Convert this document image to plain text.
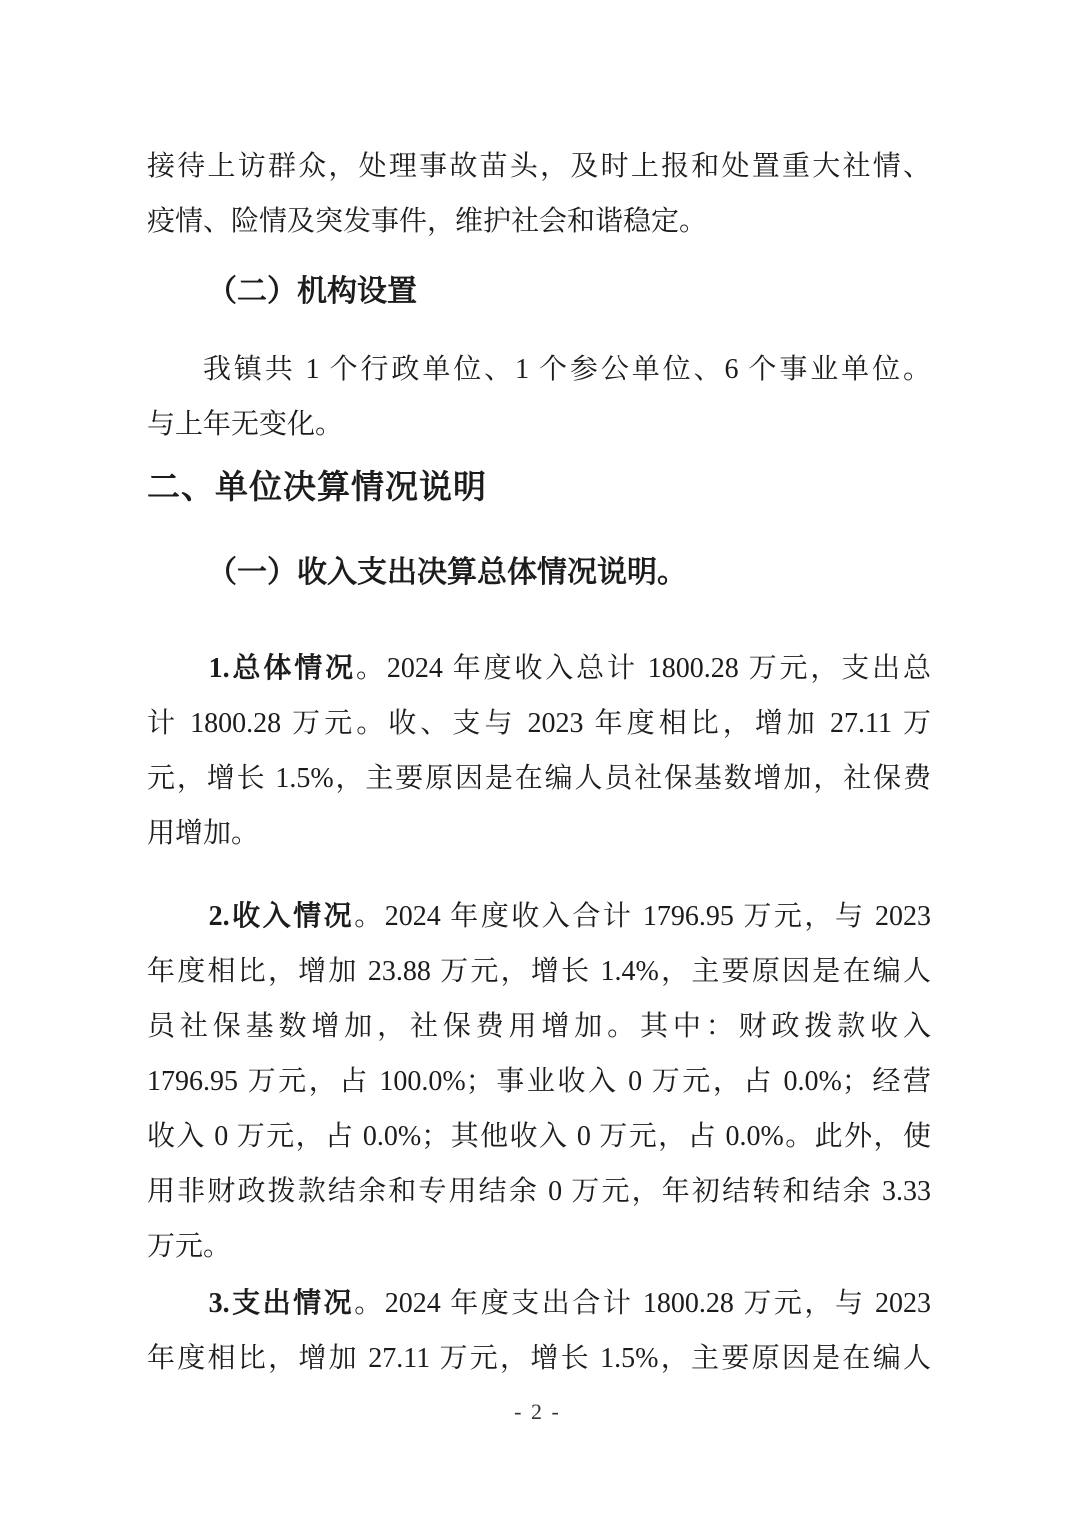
接待上访群众，处理事故苗头，及时上报和处置重大社情、
疫情、险情及突发事件，维护社会和谐稳定。
（二）机构设置
我镇共 1 个行政单位、1 个参公单位、6 个事业单位。
与上年无变化。
二、单位决算情况说明
（一）收入支出决算总体情况说明。
1.总体情况。2024 年度收入总计 1800.28 万元，支出总
计 1800.28 万元。收、支与 2023 年度相比，增加 27.11 万
元，增长 1.5%，主要原因是在编人员社保基数增加，社保费
用增加。
2.收入情况。2024 年度收入合计 1796.95 万元，与 2023
年度相比，增加 23.88 万元，增长 1.4%，主要原因是在编人
员社保基数增加，社保费用增加。其中：财政拨款收入
1796.95 万元，占 100.0%；事业收入 0 万元，占 0.0%；经营
收入 0 万元，占 0.0%；其他收入 0 万元，占 0.0%。此外，使
用非财政拨款结余和专用结余 0 万元，年初结转和结余 3.33
万元。
3.支出情况。2024 年度支出合计 1800.28 万元，与 2023
年度相比，增加 27.11 万元，增长 1.5%，主要原因是在编人
- 2 -
